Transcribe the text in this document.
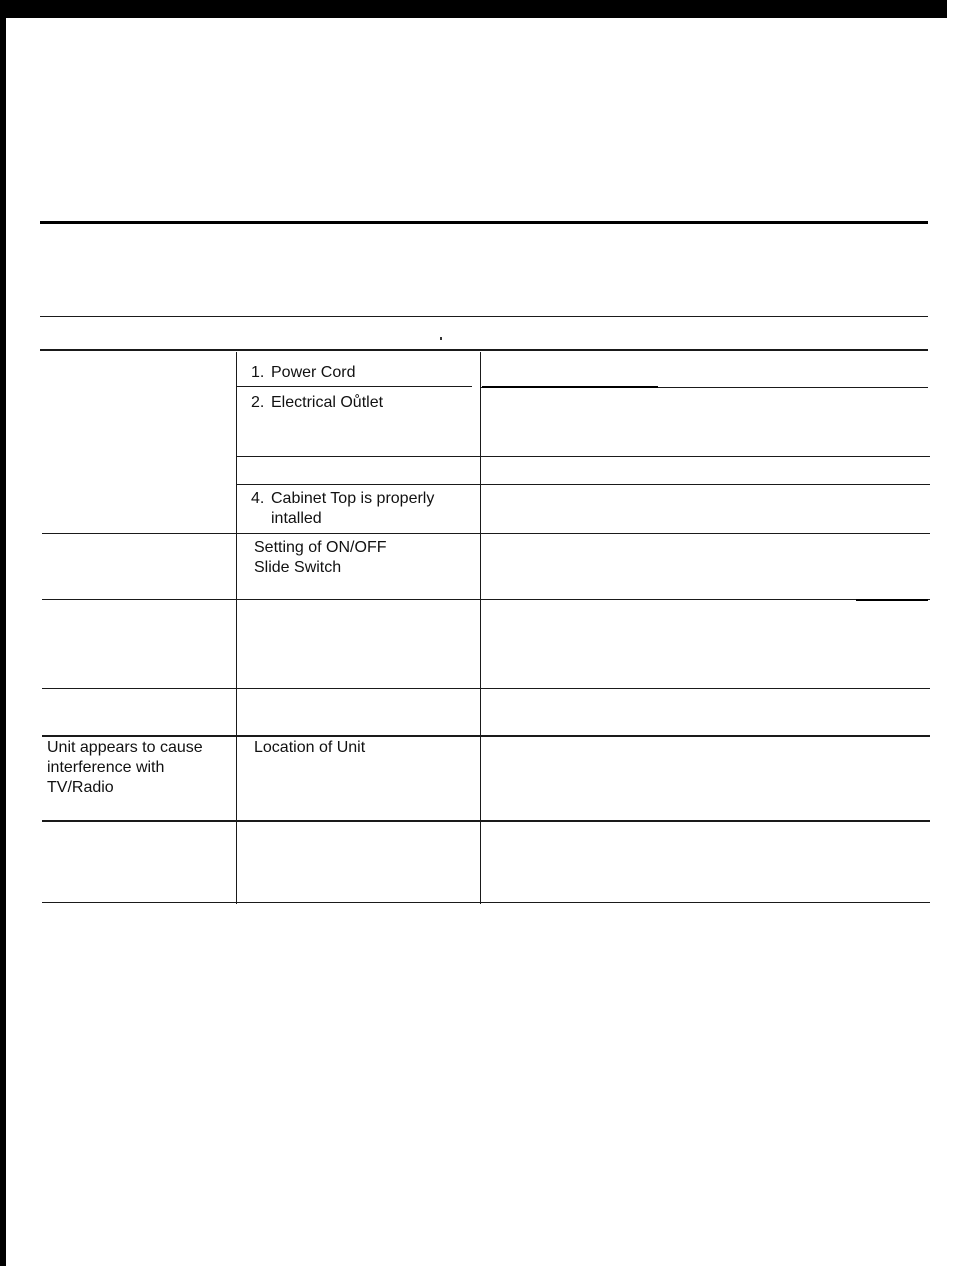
1. Power Cord
2. Electrical Oůtlet
4. Cabinet Top is properly
intalled
Setting of ON/OFF
Slide Switch
Unit appears to cause
interference with
TV/Radio
Location of Unit
